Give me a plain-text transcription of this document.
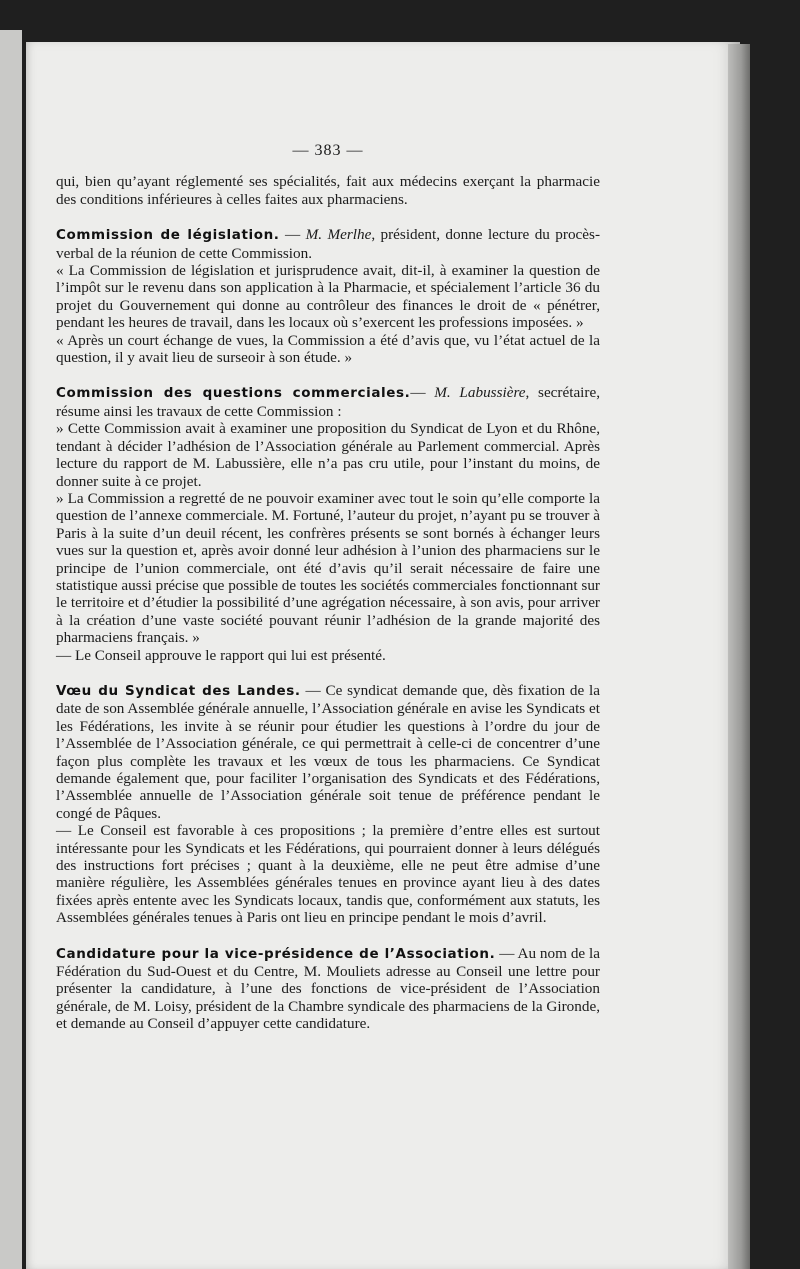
— 383 —

qui, bien qu’ayant réglementé ses spécialités, fait aux médecins exerçant la pharmacie des conditions inférieures à celles faites aux pharmaciens.

Commission de législation. — M. Merlhe, président, donne lecture du procès-verbal de la réunion de cette Commission.

« La Commission de législation et jurisprudence avait, dit-il, à examiner la question de l’impôt sur le revenu dans son application à la Pharmacie, et spécialement l’article 36 du projet du Gouvernement qui donne au contrôleur des finances le droit de « pénétrer, pendant les heures de travail, dans les locaux où s’exercent les professions imposées. »

« Après un court échange de vues, la Commission a été d’avis que, vu l’état actuel de la question, il y avait lieu de surseoir à son étude. »

Commission des questions commerciales.— M. Labussière, secrétaire, résume ainsi les travaux de cette Commission :

» Cette Commission avait à examiner une proposition du Syndicat de Lyon et du Rhône, tendant à décider l’adhésion de l’Association générale au Parlement commercial. Après lecture du rapport de M. Labussière, elle n’a pas cru utile, pour l’instant du moins, de donner suite à ce projet.

» La Commission a regretté de ne pouvoir examiner avec tout le soin qu’elle comporte la question de l’annexe commerciale. M. Fortuné, l’auteur du projet, n’ayant pu se trouver à Paris à la suite d’un deuil récent, les confrères présents se sont bornés à échanger leurs vues sur la question et, après avoir donné leur adhésion à l’union des pharmaciens sur le principe de l’union commerciale, ont été d’avis qu’il serait nécessaire de faire une statistique aussi précise que possible de toutes les sociétés commerciales fonctionnant sur le territoire et d’étudier la possibilité d’une agrégation nécessaire, à son avis, pour arriver à la création d’une vaste société pouvant réunir l’adhésion de la grande majorité des pharmaciens français. »

— Le Conseil approuve le rapport qui lui est présenté.

Vœu du Syndicat des Landes. — Ce syndicat demande que, dès fixation de la date de son Assemblée générale annuelle, l’Association générale en avise les Syndicats et les Fédérations, les invite à se réunir pour étudier les questions à l’ordre du jour de l’Assemblée de l’Association générale, ce qui permettrait à celle-ci de concentrer d’une façon plus complète les travaux et les vœux de tous les pharmaciens. Ce Syndicat demande également que, pour faciliter l’organisation des Syndicats et des Fédérations, l’Assemblée annuelle de l’Association générale soit tenue de préférence pendant le congé de Pâques.

— Le Conseil est favorable à ces propositions ; la première d’entre elles est surtout intéressante pour les Syndicats et les Fédérations, qui pourraient donner à leurs délégués des instructions fort précises ; quant à la deuxième, elle ne peut être admise d’une manière régulière, les Assemblées générales tenues en province ayant lieu à des dates fixées après entente avec les Syndicats locaux, tandis que, conformément aux statuts, les Assemblées générales tenues à Paris ont lieu en principe pendant le mois d’avril.

Candidature pour la vice-présidence de l’Association. — Au nom de la Fédération du Sud-Ouest et du Centre, M. Mouliets adresse au Conseil une lettre pour présenter la candidature, à l’une des fonctions de vice-président de l’Association générale, de M. Loisy, président de la Chambre syndicale des pharmaciens de la Gironde, et demande au Conseil d’appuyer cette candidature.
